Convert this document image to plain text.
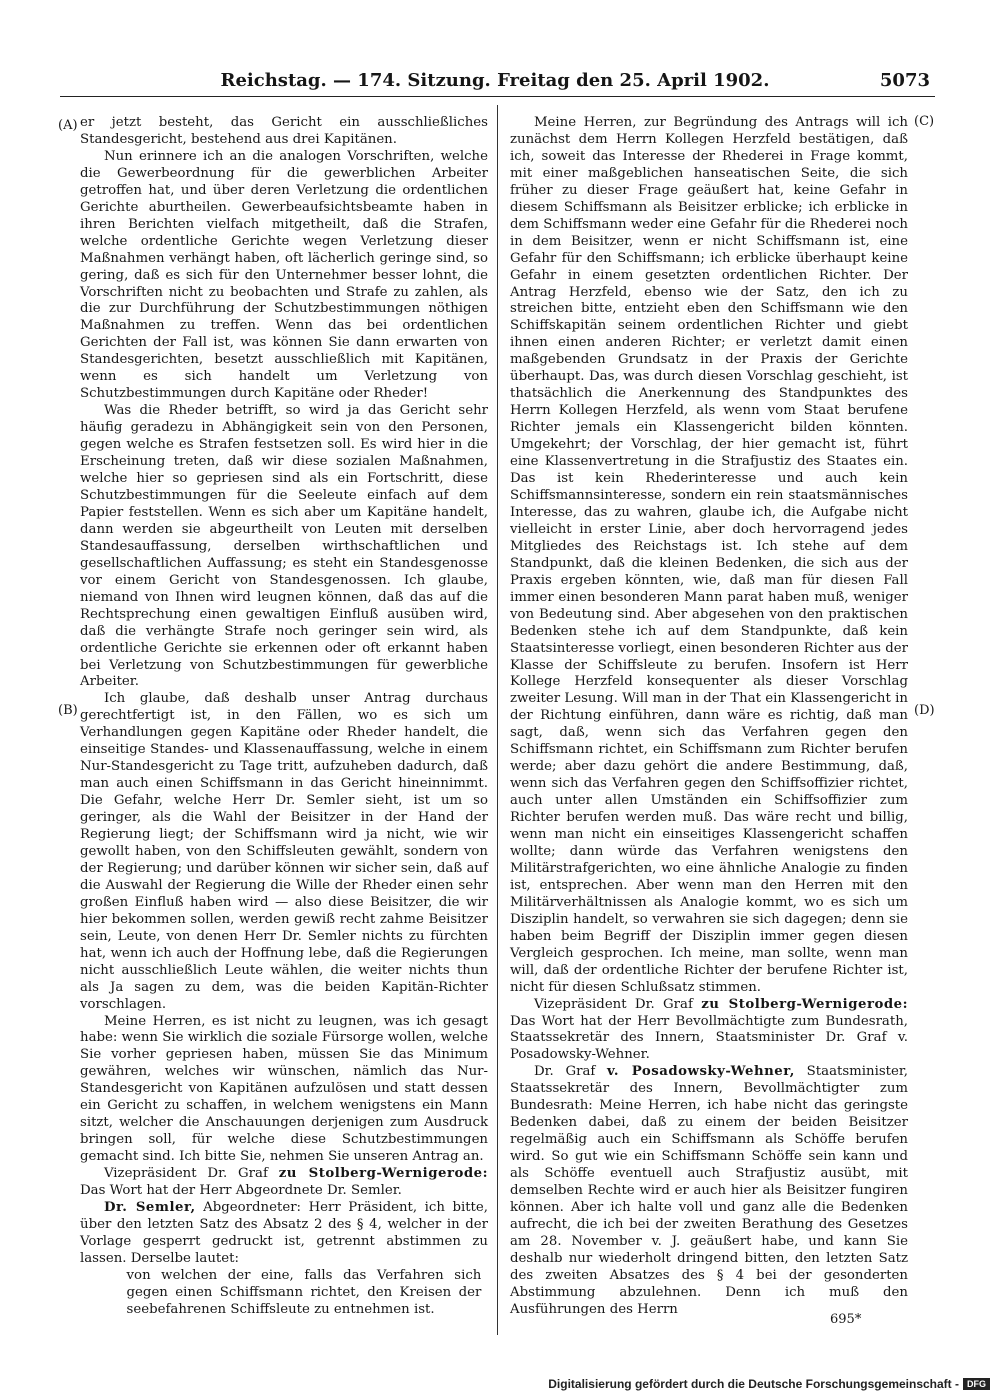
Reichstag. — 174. Sitzung. Freitag den 25. April 1902.	5073
(A)
(B)
(C)
(D)

er jetzt besteht, das Gericht ein ausschließliches Standesgericht, bestehend aus drei Kapitänen.

Nun erinnere ich an die analogen Vorschriften, welche die Gewerbeordnung für die gewerblichen Arbeiter getroffen hat, und über deren Verletzung die ordentlichen Gerichte aburtheilen. Gewerbeaufsichtsbeamte haben in ihren Berichten vielfach mitgetheilt, daß die Strafen, welche ordentliche Gerichte wegen Verletzung dieser Maßnahmen verhängt haben, oft lächerlich geringe sind, so gering, daß es sich für den Unternehmer besser lohnt, die Vorschriften nicht zu beobachten und Strafe zu zahlen, als die zur Durchführung der Schutzbestimmungen nöthigen Maßnahmen zu treffen. Wenn das bei ordentlichen Gerichten der Fall ist, was können Sie dann erwarten von Standesgerichten, besetzt ausschließlich mit Kapitänen, wenn es sich handelt um Verletzung von Schutzbestimmungen durch Kapitäne oder Rheder!

Was die Rheder betrifft, so wird ja das Gericht sehr häufig geradezu in Abhängigkeit sein von den Personen, gegen welche es Strafen festsetzen soll. Es wird hier in die Erscheinung treten, daß wir diese sozialen Maßnahmen, welche hier so gepriesen sind als ein Fortschritt, diese Schutzbestimmungen für die Seeleute einfach auf dem Papier feststellen. Wenn es sich aber um Kapitäne handelt, dann werden sie abgeurtheilt von Leuten mit derselben Standesauffassung, derselben wirthschaftlichen und gesellschaftlichen Auffassung; es steht ein Standesgenosse vor einem Gericht von Standesgenossen. Ich glaube, niemand von Ihnen wird leugnen können, daß das auf die Rechtsprechung einen gewaltigen Einfluß ausüben wird, daß die verhängte Strafe noch geringer sein wird, als ordentliche Gerichte sie erkennen oder oft erkannt haben bei Verletzung von Schutzbestimmungen für gewerbliche Arbeiter.

Ich glaube, daß deshalb unser Antrag durchaus gerechtfertigt ist, in den Fällen, wo es sich um Verhandlungen gegen Kapitäne oder Rheder handelt, die einseitige Standes- und Klassenauffassung, welche in einem Nur-Standesgericht zu Tage tritt, aufzuheben dadurch, daß man auch einen Schiffsmann in das Gericht hineinnimmt. Die Gefahr, welche Herr Dr. Semler sieht, ist um so geringer, als die Wahl der Beisitzer in der Hand der Regierung liegt; der Schiffsmann wird ja nicht, wie wir gewollt haben, von den Schiffsleuten gewählt, sondern von der Regierung; und darüber können wir sicher sein, daß auf die Auswahl der Regierung die Wille der Rheder einen sehr großen Einfluß haben wird — also diese Beisitzer, die wir hier bekommen sollen, werden gewiß recht zahme Beisitzer sein, Leute, von denen Herr Dr. Semler nichts zu fürchten hat, wenn ich auch der Hoffnung lebe, daß die Regierungen nicht ausschließlich Leute wählen, die weiter nichts thun als Ja sagen zu dem, was die beiden Kapitän-Richter vorschlagen.

Meine Herren, es ist nicht zu leugnen, was ich gesagt habe: wenn Sie wirklich die soziale Fürsorge wollen, welche Sie vorher gepriesen haben, müssen Sie das Minimum gewähren, welches wir wünschen, nämlich das Nur-Standesgericht von Kapitänen aufzulösen und statt dessen ein Gericht zu schaffen, in welchem wenigstens ein Mann sitzt, welcher die Anschauungen derjenigen zum Ausdruck bringen soll, für welche diese Schutzbestimmungen gemacht sind. Ich bitte Sie, nehmen Sie unseren Antrag an.

Vizepräsident Dr. Graf zu Stolberg-Wernigerode: Das Wort hat der Herr Abgeordnete Dr. Semler.

Dr. Semler, Abgeordneter: Herr Präsident, ich bitte, über den letzten Satz des Absatz 2 des § 4, welcher in der Vorlage gesperrt gedruckt ist, getrennt abstimmen zu lassen. Derselbe lautet:

von welchen der eine, falls das Verfahren sich gegen einen Schiffsmann richtet, den Kreisen der seebefahrenen Schiffsleute zu entnehmen ist.

Meine Herren, zur Begründung des Antrags will ich zunächst dem Herrn Kollegen Herzfeld bestätigen, daß ich, soweit das Interesse der Rhederei in Frage kommt, mit einer maßgeblichen hanseatischen Seite, die sich früher zu dieser Frage geäußert hat, keine Gefahr in diesem Schiffsmann als Beisitzer erblicke; ich erblicke in dem Schiffsmann weder eine Gefahr für die Rhederei noch in dem Beisitzer, wenn er nicht Schiffsmann ist, eine Gefahr für den Schiffsmann; ich erblicke überhaupt keine Gefahr in einem gesetzten ordentlichen Richter. Der Antrag Herzfeld, ebenso wie der Satz, den ich zu streichen bitte, entzieht eben den Schiffsmann wie den Schiffskapitän seinem ordentlichen Richter und giebt ihnen einen anderen Richter; er verletzt damit einen maßgebenden Grundsatz in der Praxis der Gerichte überhaupt. Das, was durch diesen Vorschlag geschieht, ist thatsächlich die Anerkennung des Standpunktes des Herrn Kollegen Herzfeld, als wenn vom Staat berufene Richter jemals ein Klassengericht bilden könnten. Umgekehrt; der Vorschlag, der hier gemacht ist, führt eine Klassenvertretung in die Strafjustiz des Staates ein. Das ist kein Rhederinteresse und auch kein Schiffsmannsinteresse, sondern ein rein staatsmännisches Interesse, das zu wahren, glaube ich, die Aufgabe nicht vielleicht in erster Linie, aber doch hervorragend jedes Mitgliedes des Reichstags ist. Ich stehe auf dem Standpunkt, daß die kleinen Bedenken, die sich aus der Praxis ergeben könnten, wie, daß man für diesen Fall immer einen besonderen Mann parat haben muß, weniger von Bedeutung sind. Aber abgesehen von den praktischen Bedenken stehe ich auf dem Standpunkte, daß kein Staatsinteresse vorliegt, einen besonderen Richter aus der Klasse der Schiffsleute zu berufen. Insofern ist Herr Kollege Herzfeld konsequenter als dieser Vorschlag zweiter Lesung. Will man in der That ein Klassengericht in der Richtung einführen, dann wäre es richtig, daß man sagt, daß, wenn sich das Verfahren gegen den Schiffsmann richtet, ein Schiffsmann zum Richter berufen werde; aber dazu gehört die andere Bestimmung, daß, wenn sich das Verfahren gegen den Schiffsoffizier richtet, auch unter allen Umständen ein Schiffsoffizier zum Richter berufen werden muß. Das wäre recht und billig, wenn man nicht ein einseitiges Klassengericht schaffen wollte; dann würde das Verfahren wenigstens den Militärstrafgerichten, wo eine ähnliche Analogie zu finden ist, entsprechen. Aber wenn man den Herren mit den Militärverhältnissen als Analogie kommt, wo es sich um Disziplin handelt, so verwahren sie sich dagegen; denn sie haben beim Begriff der Disziplin immer gegen diesen Vergleich gesprochen. Ich meine, man sollte, wenn man will, daß der ordentliche Richter der berufene Richter ist, nicht für diesen Schlußsatz stimmen.

Vizepräsident Dr. Graf zu Stolberg-Wernigerode: Das Wort hat der Herr Bevollmächtigte zum Bundesrath, Staatssekretär des Innern, Staatsminister Dr. Graf v. Posadowsky-Wehner.

Dr. Graf v. Posadowsky-Wehner, Staatsminister, Staatssekretär des Innern, Bevollmächtigter zum Bundesrath: Meine Herren, ich habe nicht das geringste Bedenken dabei, daß zu einem der beiden Beisitzer regelmäßig auch ein Schiffsmann als Schöffe berufen wird. So gut wie ein Schiffsmann Schöffe sein kann und als Schöffe eventuell auch Strafjustiz ausübt, mit demselben Rechte wird er auch hier als Beisitzer fungiren können. Aber ich halte voll und ganz alle die Bedenken aufrecht, die ich bei der zweiten Berathung des Gesetzes am 28. November v. J. geäußert habe, und kann Sie deshalb nur wiederholt dringend bitten, den letzten Satz des zweiten Absatzes des § 4 bei der gesonderten Abstimmung abzulehnen. Denn ich muß den Ausführungen des Herrn

695*
Digitalisierung gefördert durch die Deutsche Forschungsgemeinschaft - DFG
